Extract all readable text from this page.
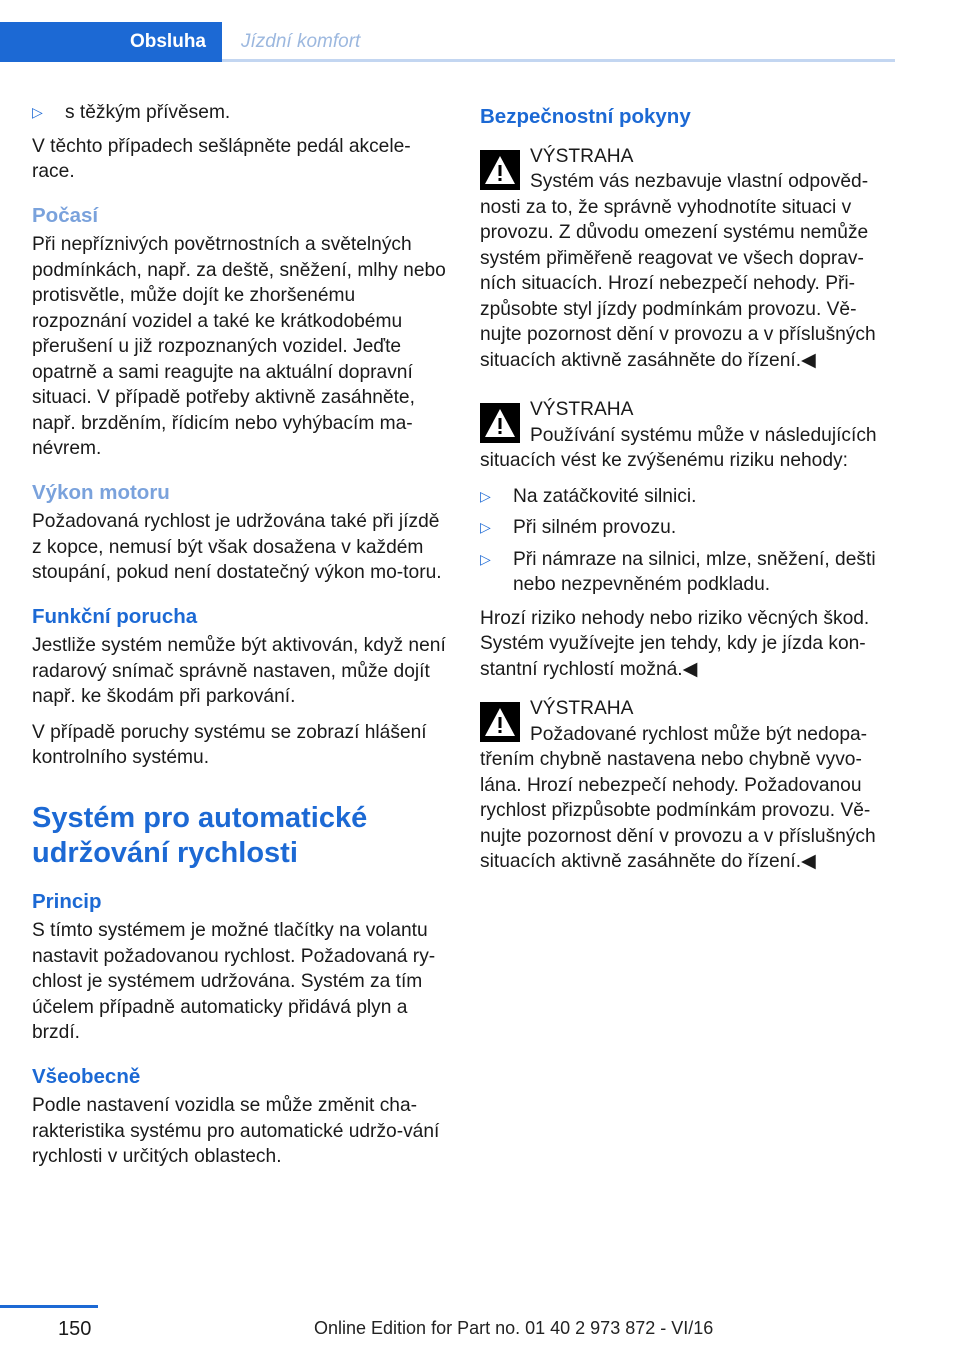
Obsluha	Jízdní komfort
▷ s těžkým přívěsem.

V těchto případech sešlápněte pedál akcele-race.

Počasí

Při nepříznivých povětrnostních a světelných podmínkách, např. za deště, sněžení, mlhy nebo protisvětle, může dojít ke zhoršenému rozpoznání vozidel a také ke krátkodobému přerušení u již rozpoznaných vozidel. Jeďte opatrně a sami reagujte na aktuální dopravní situaci. V případě potřeby aktivně zasáhněte, např. brzděním, řídicím nebo vyhýbacím ma-névrem.

Výkon motoru

Požadovaná rychlost je udržována také při jízdě z kopce, nemusí být však dosažena v každém stoupání, pokud není dostatečný výkon mo-toru.

Funkční porucha

Jestliže systém nemůže být aktivován, když není radarový snímač správně nastaven, může dojít např. ke škodám při parkování.

V případě poruchy systému se zobrazí hlášení kontrolního systému.

Systém pro automatické udržování rychlosti
Princip

S tímto systémem je možné tlačítky na volantu nastavit požadovanou rychlost. Požadovaná ry-chlost je systémem udržována. Systém za tím účelem případně automaticky přidává plyn a brzdí.

Všeobecně

Podle nastavení vozidla se může změnit cha-rakteristika systému pro automatické udržo-vání rychlosti v určitých oblastech.

Bezpečnostní pokyny

VÝSTRAHA

Systém vás nezbavuje vlastní odpověd-nosti za to, že správně vyhodnotíte situaci v provozu. Z důvodu omezení systému nemůže systém přiměřeně reagovat ve všech doprav-ních situacích. Hrozí nebezpečí nehody. Při-způsobte styl jízdy podmínkám provozu. Vě-nujte pozornost dění v provozu a v příslušných situacích aktivně zasáhněte do řízení.◀

VÝSTRAHA

Používání systému může v následujících situacích vést ke zvýšenému riziku nehody:

▷ Na zatáčkovité silnici.
▷ Při silném provozu.
▷ Při námraze na silnici, mlze, sněžení, dešti nebo nezpevněném podkladu.

Hrozí riziko nehody nebo riziko věcných škod. Systém využívejte jen tehdy, kdy je jízda kon-stantní rychlostí možná.◀

VÝSTRAHA

Požadované rychlost může být nedopa-třením chybně nastavena nebo chybně vyvo-lána. Hrozí nebezpečí nehody. Požadovanou rychlost přizpůsobte podmínkám provozu. Vě-nujte pozornost dění v provozu a v příslušných situacích aktivně zasáhněte do řízení.◀

150	Online Edition for Part no. 01 40 2 973 872 - VI/16
